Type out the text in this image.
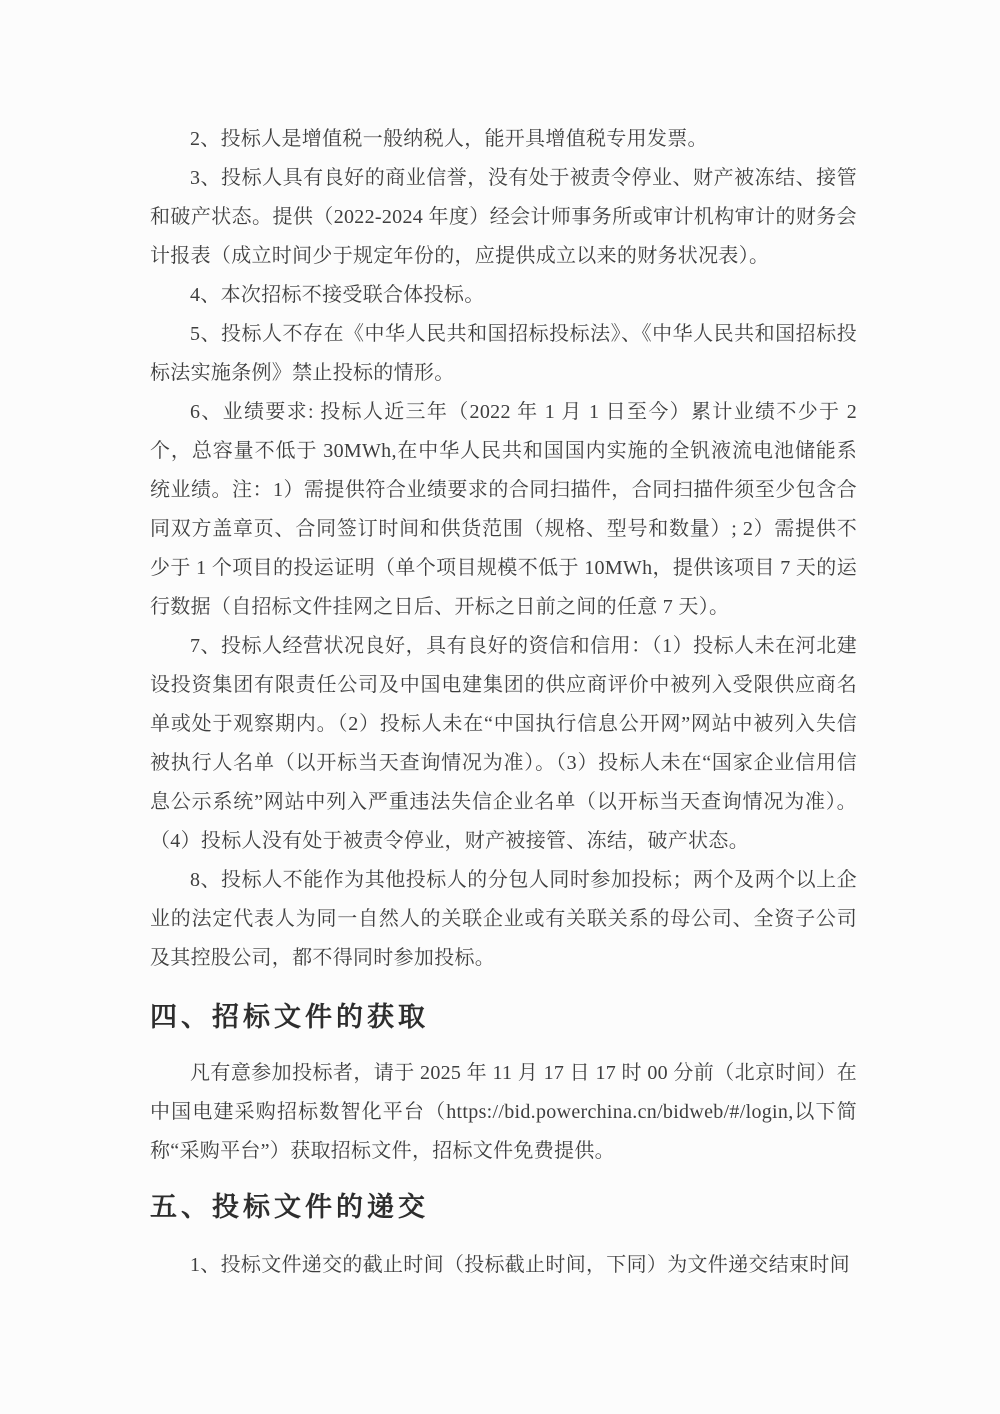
2、投标人是增值税一般纳税人，能开具增值税专用发票。

3、投标人具有良好的商业信誉，没有处于被责令停业、财产被冻结、接管和破产状态。提供（2022-2024 年度）经会计师事务所或审计机构审计的财务会计报表（成立时间少于规定年份的，应提供成立以来的财务状况表）。

4、本次招标不接受联合体投标。

5、投标人不存在《中华人民共和国招标投标法》、《中华人民共和国招标投标法实施条例》禁止投标的情形。

6、业绩要求: 投标人近三年（2022 年 1 月 1 日至今）累计业绩不少于 2 个，总容量不低于 30MWh,在中华人民共和国国内实施的全钒液流电池储能系统业绩。注：1）需提供符合业绩要求的合同扫描件，合同扫描件须至少包含合同双方盖章页、合同签订时间和供货范围（规格、型号和数量）; 2）需提供不少于 1 个项目的投运证明（单个项目规模不低于 10MWh，提供该项目 7 天的运行数据（自招标文件挂网之日后、开标之日前之间的任意 7 天）。

7、投标人经营状况良好，具有良好的资信和信用：（1）投标人未在河北建设投资集团有限责任公司及中国电建集团的供应商评价中被列入受限供应商名单或处于观察期内。（2）投标人未在“中国执行信息公开网”网站中被列入失信被执行人名单（以开标当天查询情况为准）。（3）投标人未在“国家企业信用信息公示系统”网站中列入严重违法失信企业名单（以开标当天查询情况为准）。（4）投标人没有处于被责令停业，财产被接管、冻结，破产状态。

8、投标人不能作为其他投标人的分包人同时参加投标；两个及两个以上企业的法定代表人为同一自然人的关联企业或有关联关系的母公司、全资子公司及其控股公司，都不得同时参加投标。

四、招标文件的获取

凡有意参加投标者，请于 2025 年 11 月 17 日 17 时 00 分前（北京时间）在中国电建采购招标数智化平台（https://bid.powerchina.cn/bidweb/#/login,以下简称“采购平台”）获取招标文件，招标文件免费提供。

五、投标文件的递交

1、投标文件递交的截止时间（投标截止时间，下同）为文件递交结束时间
